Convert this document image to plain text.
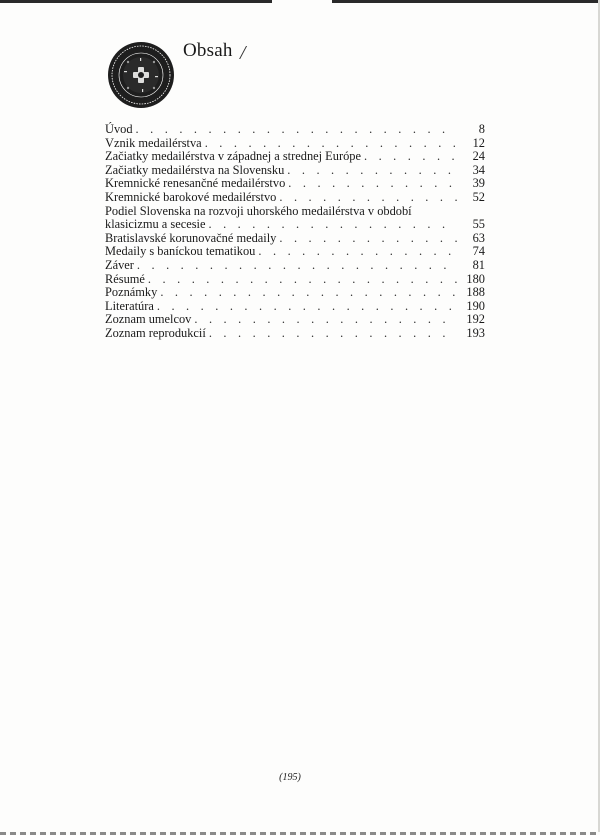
Obsah /
Úvod . . .	8
Vznik medailérstva . . .	12
Začiatky medailérstva v západnej a strednej Európe . . .	24
Začiatky medailérstva na Slovensku . . .	34
Kremnické renesančné medailérstvo . . .	39
Kremnické barokové medailérstvo . . .	52
Podiel Slovenska na rozvoji uhorského medailérstva v období
klasicizmu a secesie . . .	55
Bratislavské korunovačné medaily . . .	63
Medaily s baníckou tematikou . . .	74
Záver . . .	81
Résumé . . .	180
Poznámky . . .	188
Literatúra . . .	190
Zoznam umelcov . . .	192
Zoznam reprodukcií . . .	193
(195)
